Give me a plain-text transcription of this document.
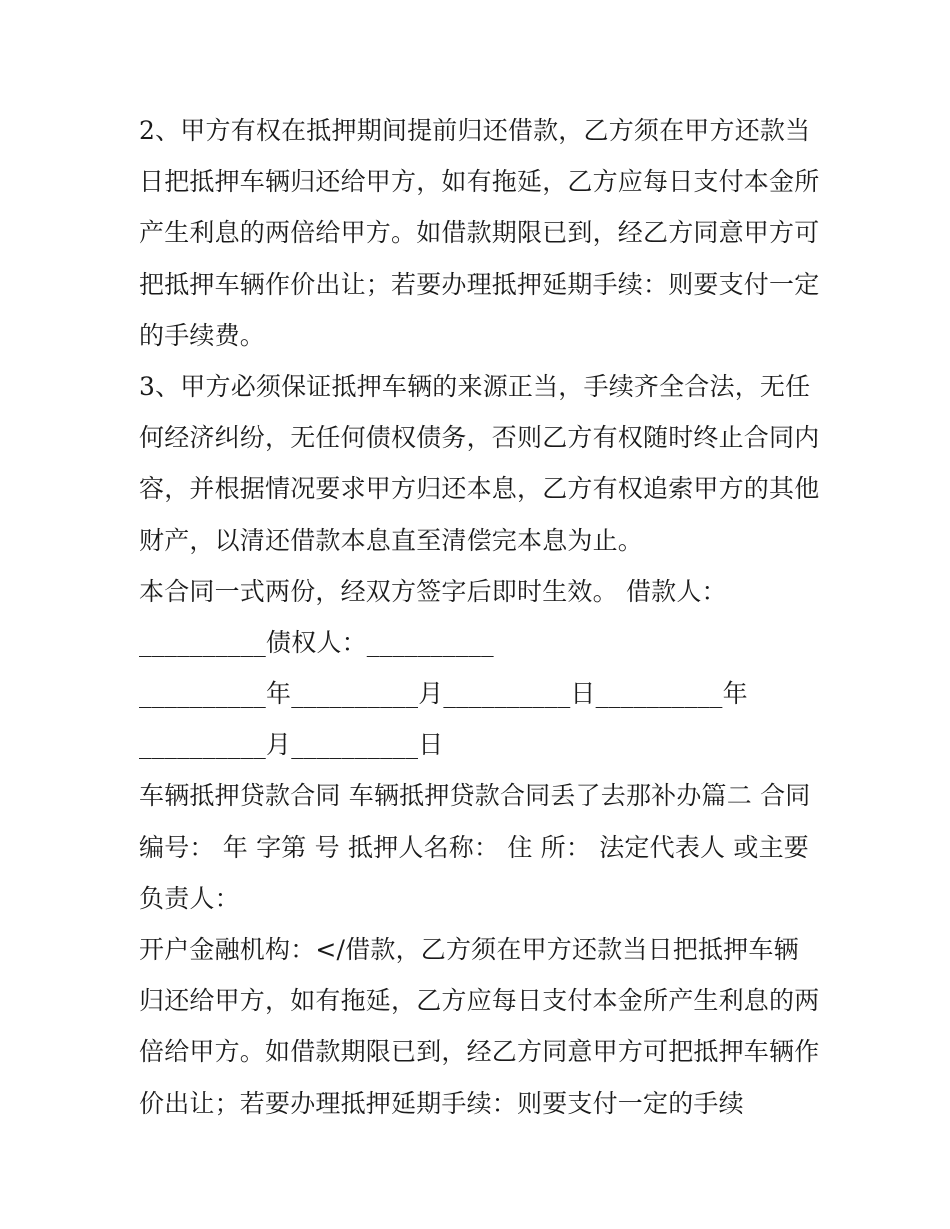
2、甲方有权在抵押期间提前归还借款，乙方须在甲方还款当
日把抵押车辆归还给甲方，如有拖延，乙方应每日支付本金所
产生利息的两倍给甲方。如借款期限已到，经乙方同意甲方可
把抵押车辆作价出让；若要办理抵押延期手续：则要支付一定
的手续费。
3、甲方必须保证抵押车辆的来源正当，手续齐全合法，无任
何经济纠纷，无任何债权债务，否则乙方有权随时终止合同内
容，并根据情况要求甲方归还本息，乙方有权追索甲方的其他
财产，以清还借款本息直至清偿完本息为止。
本合同一式两份，经双方签字后即时生效。 借款人：
__________债权人：__________
__________年__________月__________日__________年
__________月__________日
车辆抵押贷款合同 车辆抵押贷款合同丢了去那补办篇二 合同
编号： 年 字第 号 抵押人名称： 住 所： 法定代表人 或主要
负责人：
开户金融机构：</借款，乙方须在甲方还款当日把抵押车辆
归还给甲方，如有拖延，乙方应每日支付本金所产生利息的两
倍给甲方。如借款期限已到，经乙方同意甲方可把抵押车辆作
价出让；若要办理抵押延期手续：则要支付一定的手续
